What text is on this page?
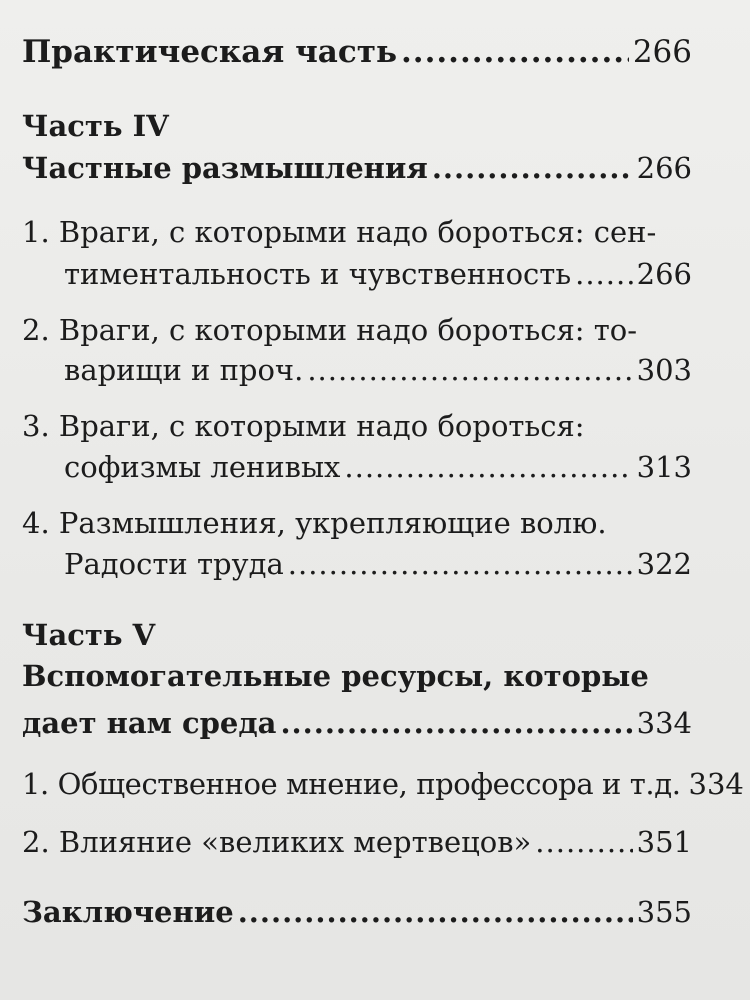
Практическая часть .....	266
Часть IV
Частные размышления .....	266
1. Враги, с которыми надо бороться: сен-
тиментальность и чувственность ..... 266
2. Враги, с которыми надо бороться: то-
варищи и проч. .....	303
3. Враги, с которыми надо бороться:
софизмы ленивых .....	313
4. Размышления, укрепляющие волю.
Радости труда .....	322
Часть V
Вспомогательные ресурсы, которые
дает нам среда .....	334
1. Общественное мнение, профессора и т.д. 334
2. Влияние «великих мертвецов» .....	351
Заключение .....	355
